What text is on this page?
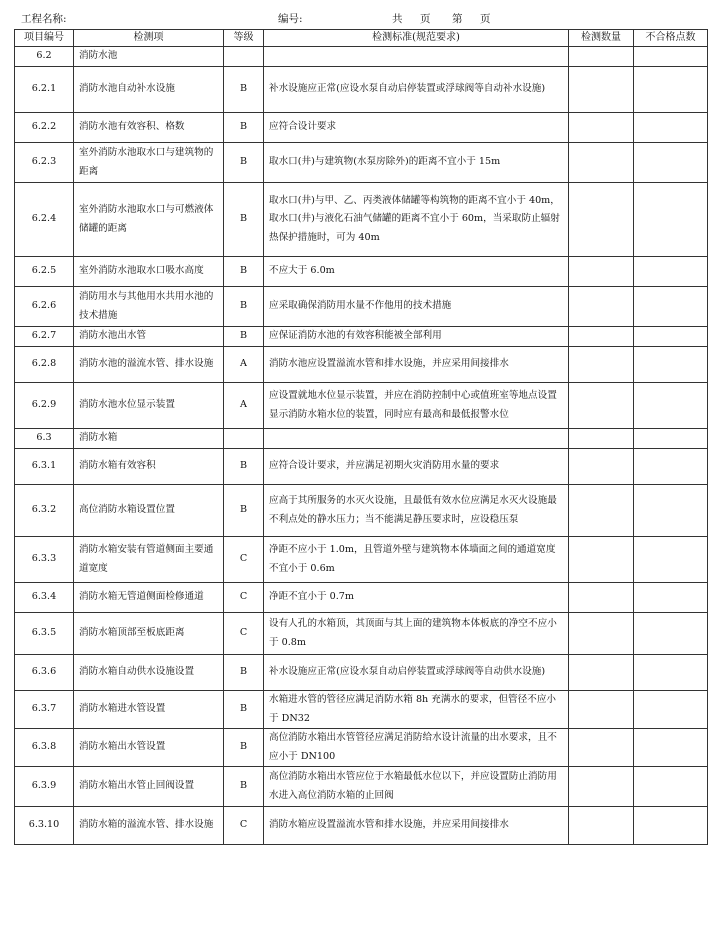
工程名称:	编号:	共 页 第 页
项目编号	检测项	等级	检测标准(规范要求)	检测数量	不合格点数
6.2	消防水池				
6.2.1	消防水池自动补水设施	B	补水设施应正常(应设水泵自动启停装置或浮球阀等自动补水设施)		
6.2.2	消防水池有效容积、格数	B	应符合设计要求		
6.2.3	室外消防水池取水口与建筑物的距离	B	取水口(井)与建筑物(水泵房除外)的距离不宜小于 15m		
6.2.4	室外消防水池取水口与可燃液体储罐的距离	B	取水口(井)与甲、乙、丙类液体储罐等构筑物的距离不宜小于 40m，取水口(井)与液化石油气储罐的距离不宜小于 60m，当采取防止辐射热保护措施时，可为 40m		
6.2.5	室外消防水池取水口吸水高度	B	不应大于 6.0m		
6.2.6	消防用水与其他用水共用水池的技术措施	B	应采取确保消防用水量不作他用的技术措施		
6.2.7	消防水池出水管	B	应保证消防水池的有效容积能被全部利用		
6.2.8	消防水池的溢流水管、排水设施	A	消防水池应设置溢流水管和排水设施，并应采用间接排水		
6.2.9	消防水池水位显示装置	A	应设置就地水位显示装置，并应在消防控制中心或值班室等地点设置显示消防水箱水位的装置，同时应有最高和最低报警水位		
6.3	消防水箱				
6.3.1	消防水箱有效容积	B	应符合设计要求，并应满足初期火灾消防用水量的要求		
6.3.2	高位消防水箱设置位置	B	应高于其所服务的水灭火设施，且最低有效水位应满足水灭火设施最不利点处的静水压力；当不能满足静压要求时，应设稳压泵		
6.3.3	消防水箱安装有管道侧面主要通道宽度	C	净距不应小于 1.0m，且管道外壁与建筑物本体墙面之间的通道宽度不宜小于 0.6m		
6.3.4	消防水箱无管道侧面检修通道	C	净距不宜小于 0.7m		
6.3.5	消防水箱顶部至板底距离	C	设有人孔的水箱顶，其顶面与其上面的建筑物本体板底的净空不应小于 0.8m		
6.3.6	消防水箱自动供水设施设置	B	补水设施应正常(应设水泵自动启停装置或浮球阀等自动供水设施)		
6.3.7	消防水箱进水管设置	B	水箱进水管的管径应满足消防水箱 8h 充满水的要求，但管径不应小于 DN32		
6.3.8	消防水箱出水管设置	B	高位消防水箱出水管管径应满足消防给水设计流量的出水要求，且不应小于 DN100		
6.3.9	消防水箱出水管止回阀设置	B	高位消防水箱出水管应位于水箱最低水位以下，并应设置防止消防用水进入高位消防水箱的止回阀		
6.3.10	消防水箱的溢流水管、排水设施	C	消防水箱应设置溢流水管和排水设施，并应采用间接排水		
